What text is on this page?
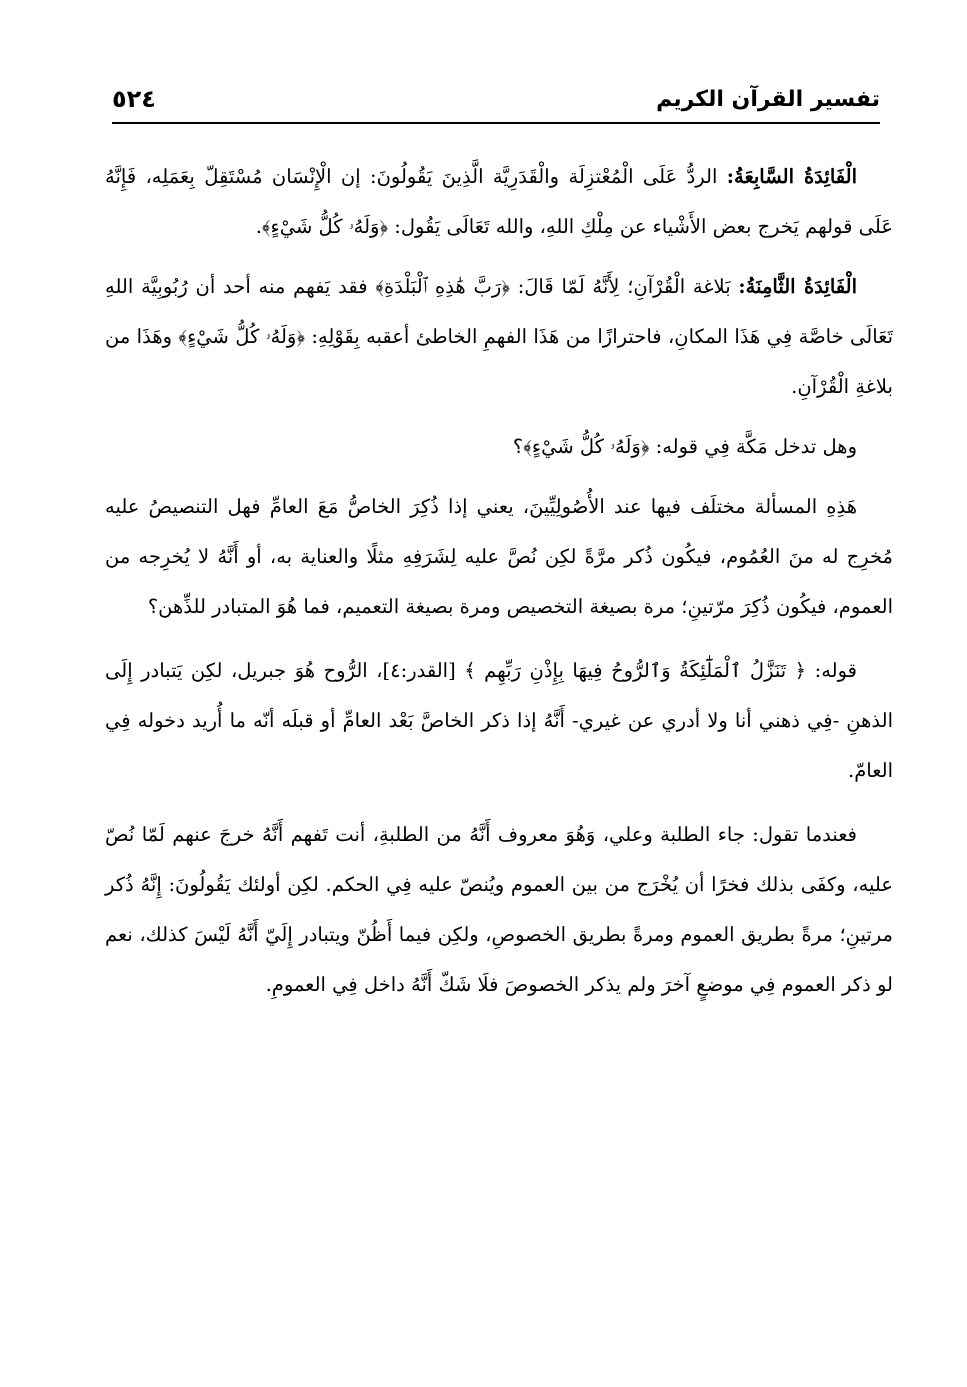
تفسير القرآن الكريم
٥٢٤

الْفَائِدَةُ السَّابِعَةُ: الردُّ عَلَى الْمُعْتزِلَة والْقَدَرِيَّة الَّذِينَ يَقُولُونَ: إن الْإِنْسَان مُسْتَقِلّ بِعَمَلِه، فَإِنَّهُ عَلَى قولهم يَخرج بعض الأَشْياء عن مِلْكِ اللهِ، والله تَعَالَى يَقُول: ﴿وَلَهُۥ كُلُّ شَيْءٍ﴾.

الْفَائِدَةُ الثَّامِنَةُ: بَلاغة الْقُرْآنِ؛ لِأَنَّهُ لَمّا قَالَ: ﴿رَبَّ هَٰذِهِ ٱلْبَلْدَةِ﴾ فقد يَفهم منه أحد أن رُبُوبِيَّة اللهِ تَعَالَى خاصَّة فِي هَذَا المكانِ، فاحترازًا من هَذَا الفهمِ الخاطئ أعقبه بِقَوْلِهِ: ﴿وَلَهُۥ كُلُّ شَيْءٍ﴾ وهَذَا من بلاغةِ الْقُرْآنِ.

وهل تدخل مَكَّة فِي قوله: ﴿وَلَهُۥ كُلُّ شَيْءٍ﴾؟

هَذِهِ المسألة مختلَف فيها عند الأُصُولِيِّينَ، يعني إذا ذُكِرَ الخاصُّ مَعَ العامِّ فهل التنصيصُ عليه مُخرِج له منَ العُمُوم، فيكُون ذُكر مرَّةً لكِن نُصَّ عليه لِشَرَفِهِ مثلًا والعناية به، أو أَنَّهُ لا يُخرِجه من العموم، فيكُون ذُكِرَ مرّتينِ؛ مرة بصيغة التخصيص ومرة بصيغة التعميم، فما هُوَ المتبادر للذِّهن؟

قوله: ﴿ تَنَزَّلُ ٱلْمَلَٰٓئِكَةُ وَٱلرُّوحُ فِيهَا بِإِذْنِ رَبِّهِم ﴾ [القدر:٤]، الرُّوح هُوَ جبريل، لكِن يَتبادر إِلَى الذهنِ -فِي ذهني أنا ولا أدري عن غيري- أَنَّهُ إذا ذكر الخاصَّ بَعْد العامِّ أو قبلَه أنّه ما أُريد دخوله فِي العامّ.

فعندما تقول: جاء الطلبة وعلي، وَهُوَ معروف أَنَّهُ من الطلبةِ، أنت تَفهم أَنَّهُ خرجَ عنهم لَمّا نُصّ عليه، وكفَى بذلك فخرًا أن يُخْرَج من بين العموم ويُنصّ عليه فِي الحكم. لكِن أولئك يَقُولُونَ: إِنَّهُ ذُكر مرتينِ؛ مرةً بطريق العموم ومرةً بطريق الخصوصِ، ولكِن فيما أَظُنّ ويتبادر إِلَيّ أَنَّهُ لَيْسَ كذلك، نعم لو ذكر العموم فِي موضعٍ آخرَ ولم يذكر الخصوصَ فلَا شَكّ أَنَّهُ داخل فِي العمومِ.
